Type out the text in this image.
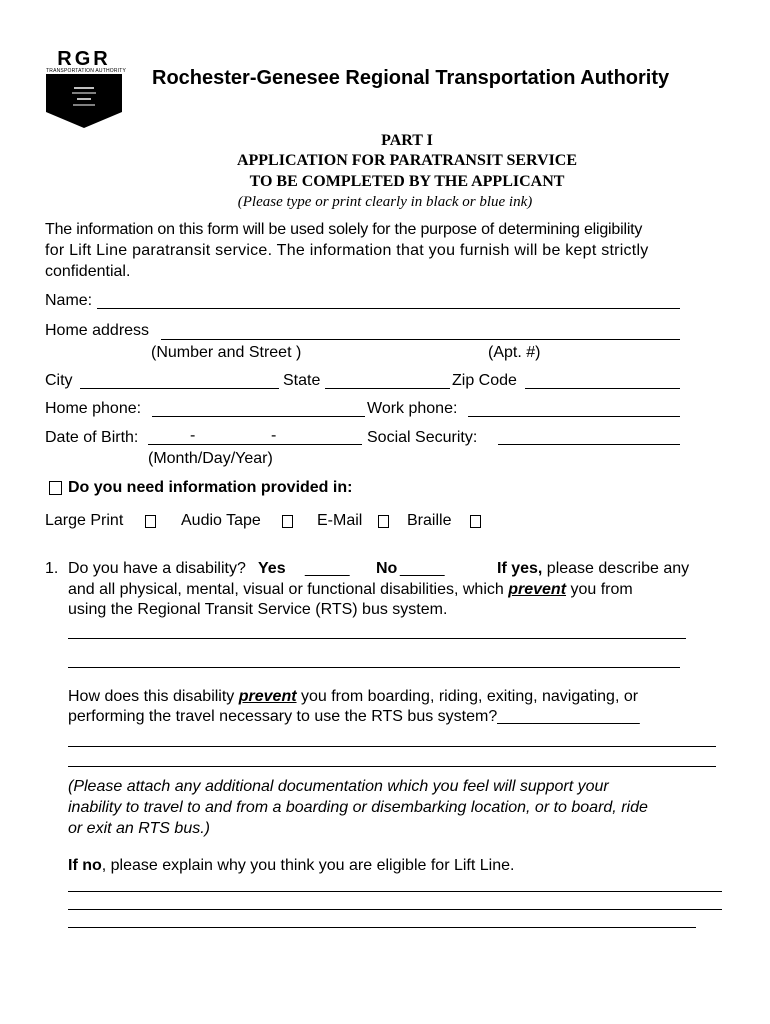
RGR
TRANSPORTATION AUTHORITY Rochester-Genesee Regional Transportation Authority
PART I
APPLICATION FOR PARATRANSIT SERVICE
TO BE COMPLETED BY THE APPLICANT
(Please type or print clearly in black or blue ink)
The information on this form will be used solely for the purpose of determining eligibility
for Lift Line paratransit service. The information that you furnish will be kept strictly
confidential.
Name:
Home address
(Number and Street )	(Apt. #)
City	State	Zip Code
Home phone:	Work phone:
Date of Birth:	-	-	Social Security:
(Month/Day/Year)
Do you need information provided in:
Large Print	Audio Tape	E-Mail	Braille
1. Do you have a disability? Yes _____ No _____	If yes, please describe any
and all physical, mental, visual or functional disabilities, which prevent you from
using the Regional Transit Service (RTS) bus system.
How does this disability prevent you from boarding, riding, exiting, navigating, or
performing the travel necessary to use the RTS bus system?________________
(Please attach any additional documentation which you feel will support your
inability to travel to and from a boarding or disembarking location, or to board, ride
or exit an RTS bus.)
If no, please explain why you think you are eligible for Lift Line.
